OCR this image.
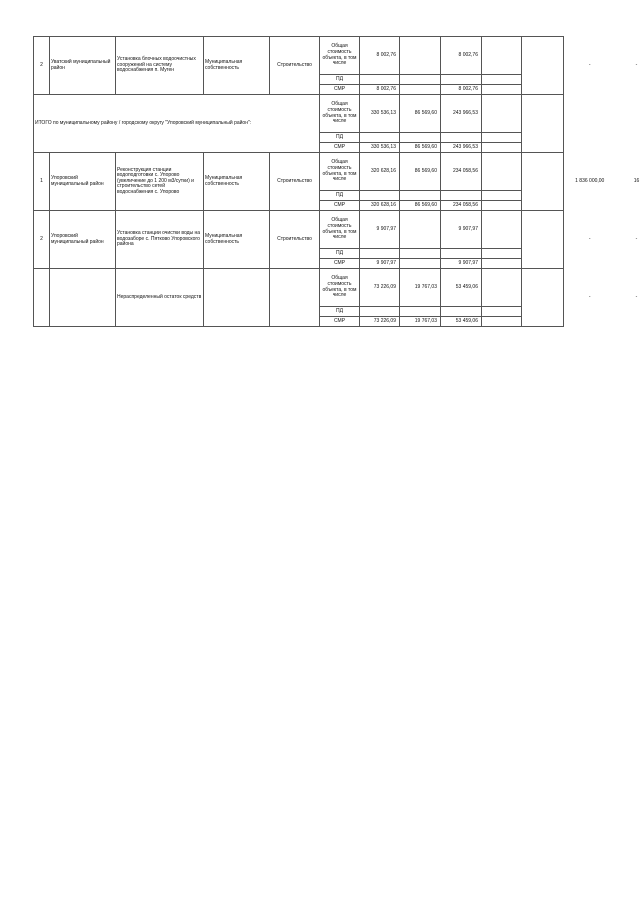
2	Уватский муниципальный район	Установка блочных водоочистных сооружений на систему водоснабжения п. Муген	Муниципальная собственность	Строительство	Общая стоимость объекта, в том числе	8 002,76		8 002,76			-	-
					ПД							
					СМР	8 002,76		8 002,76				
ИТОГО по муниципальному району / городскому округу "Упоровский муниципальный район":					Общая стоимость объекта, в том числе	330 536,13	86 569,60	243 966,53				
					ПД							
					СМР	330 536,13	86 569,60	243 966,53				
1	Упоровский муниципальный район	Реконструкция станции водоподготовки с. Упорово (увеличение до 1 200 м3/сутки) и строительство сетей водоснабжения с. Упорово	Муниципальная собственность	Строительство	Общая стоимость объекта, в том числе	320 628,16	86 569,60	234 058,56			1 836 000,00	16
					ПД							
					СМР	320 628,16	86 569,60	234 058,56				
2	Упоровский муниципальный район	Установка станции очистки воды на водозаборе с. Пятково Упоровского района	Муниципальная собственность	Строительство	Общая стоимость объекта, в том числе	9 907,97		9 907,97			-	-
					ПД							
					СМР	9 907,97		9 907,97				
		Нераспределенный остаток средств			Общая стоимость объекта, в том числе	73 226,09	19 767,03	53 459,06			-	-
					ПД							
					СМР	73 226,09	19 767,03	53 459,06				
